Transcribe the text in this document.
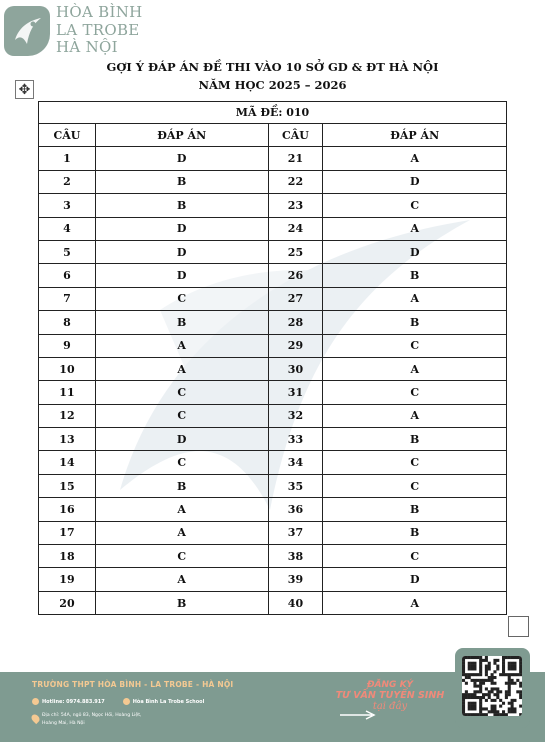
HÒA BÌNH
LA TROBE
HÀ NỘI
GỢI Ý ĐÁP ÁN ĐỀ THI VÀO 10 SỞ GD & ĐT HÀ NỘI
NĂM HỌC 2025 – 2026
✥
MÃ ĐỀ: 010			
CÂU	ĐÁP ÁN	CÂU	ĐÁP ÁN
1	D	21	A
2	B	22	D
3	B	23	C
4	D	24	A
5	D	25	D
6	D	26	B
7	C	27	A
8	B	28	B
9	A	29	C
10	A	30	A
11	C	31	C
12	C	32	A
13	D	33	B
14	C	34	C
15	B	35	C
16	A	36	B
17	A	37	B
18	C	38	C
19	A	39	D
20	B	40	A
TRƯỜNG THPT HÒA BÌNH - LA TROBE - HÀ NỘI
Hotline: 0974.883.917	Hòa Bình La Trobe School
Địa chỉ: 54A, ngõ 83, Ngọc Hồi, Hoàng Liệt,
Hoàng Mai, Hà Nội
ĐĂNG KÝ
TƯ VẤN TUYỂN SINH
tại đây
